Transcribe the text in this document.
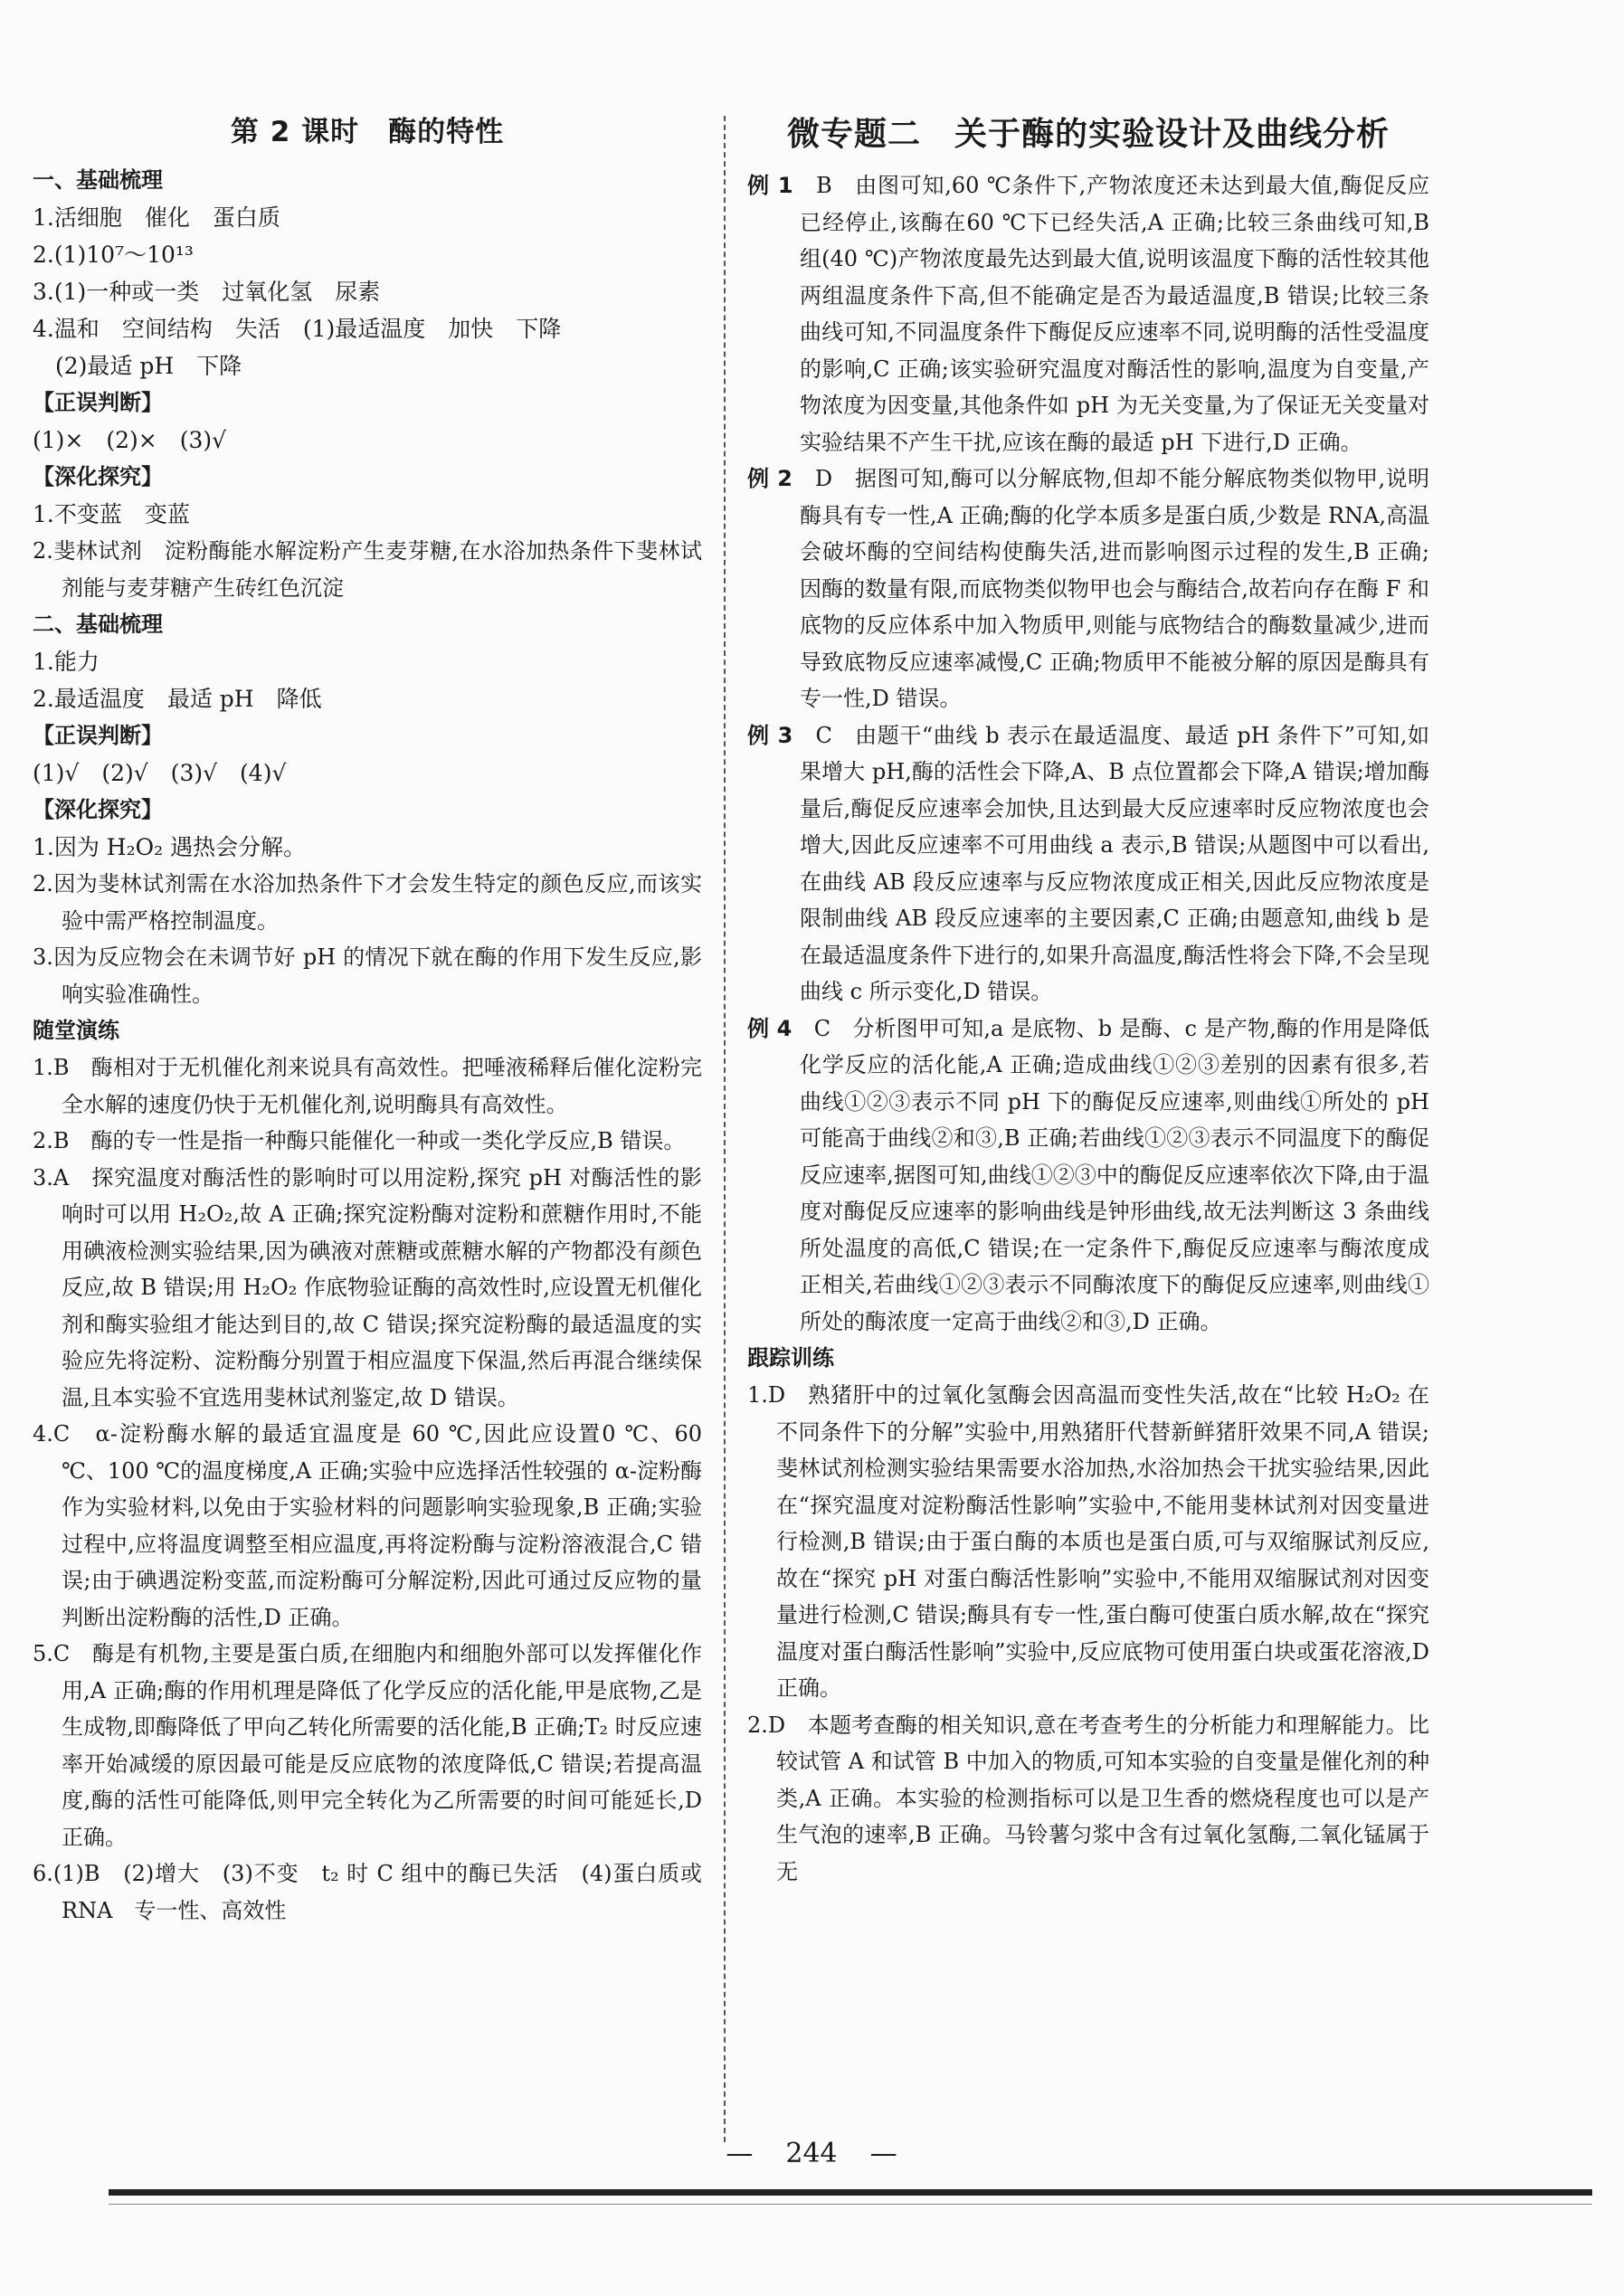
第 2 课时　酶的特性
一、基础梳理
1.活细胞　催化　蛋白质
2.(1)10⁷～10¹³
3.(1)一种或一类　过氧化氢　尿素
4.温和　空间结构　失活　(1)最适温度　加快　下降
　(2)最适 pH　下降
【正误判断】
(1)×　(2)×　(3)√
【深化探究】
1.不变蓝　变蓝
2.斐林试剂　淀粉酶能水解淀粉产生麦芽糖,在水浴加热条件下斐林试剂能与麦芽糖产生砖红色沉淀
二、基础梳理
1.能力
2.最适温度　最适 pH　降低
【正误判断】
(1)√　(2)√　(3)√　(4)√
【深化探究】
1.因为 H₂O₂ 遇热会分解。
2.因为斐林试剂需在水浴加热条件下才会发生特定的颜色反应,而该实验中需严格控制温度。
3.因为反应物会在未调节好 pH 的情况下就在酶的作用下发生反应,影响实验准确性。
随堂演练
1.B　酶相对于无机催化剂来说具有高效性。把唾液稀释后催化淀粉完全水解的速度仍快于无机催化剂,说明酶具有高效性。
2.B　酶的专一性是指一种酶只能催化一种或一类化学反应,B 错误。
3.A　探究温度对酶活性的影响时可以用淀粉,探究 pH 对酶活性的影响时可以用 H₂O₂,故 A 正确;探究淀粉酶对淀粉和蔗糖作用时,不能用碘液检测实验结果,因为碘液对蔗糖或蔗糖水解的产物都没有颜色反应,故 B 错误;用 H₂O₂ 作底物验证酶的高效性时,应设置无机催化剂和酶实验组才能达到目的,故 C 错误;探究淀粉酶的最适温度的实验应先将淀粉、淀粉酶分别置于相应温度下保温,然后再混合继续保温,且本实验不宜选用斐林试剂鉴定,故 D 错误。
4.C　α-淀粉酶水解的最适宜温度是 60 ℃,因此应设置0 ℃、60 ℃、100 ℃的温度梯度,A 正确;实验中应选择活性较强的 α-淀粉酶作为实验材料,以免由于实验材料的问题影响实验现象,B 正确;实验过程中,应将温度调整至相应温度,再将淀粉酶与淀粉溶液混合,C 错误;由于碘遇淀粉变蓝,而淀粉酶可分解淀粉,因此可通过反应物的量判断出淀粉酶的活性,D 正确。
5.C　酶是有机物,主要是蛋白质,在细胞内和细胞外部可以发挥催化作用,A 正确;酶的作用机理是降低了化学反应的活化能,甲是底物,乙是生成物,即酶降低了甲向乙转化所需要的活化能,B 正确;T₂ 时反应速率开始减缓的原因最可能是反应底物的浓度降低,C 错误;若提高温度,酶的活性可能降低,则甲完全转化为乙所需要的时间可能延长,D 正确。
6.(1)B　(2)增大　(3)不变　t₂ 时 C 组中的酶已失活　(4)蛋白质或 RNA　专一性、高效性
微专题二　关于酶的实验设计及曲线分析
例 1　B　由图可知,60 ℃条件下,产物浓度还未达到最大值,酶促反应已经停止,该酶在60 ℃下已经失活,A 正确;比较三条曲线可知,B 组(40 ℃)产物浓度最先达到最大值,说明该温度下酶的活性较其他两组温度条件下高,但不能确定是否为最适温度,B 错误;比较三条曲线可知,不同温度条件下酶促反应速率不同,说明酶的活性受温度的影响,C 正确;该实验研究温度对酶活性的影响,温度为自变量,产物浓度为因变量,其他条件如 pH 为无关变量,为了保证无关变量对实验结果不产生干扰,应该在酶的最适 pH 下进行,D 正确。
例 2　D　据图可知,酶可以分解底物,但却不能分解底物类似物甲,说明酶具有专一性,A 正确;酶的化学本质多是蛋白质,少数是 RNA,高温会破坏酶的空间结构使酶失活,进而影响图示过程的发生,B 正确;因酶的数量有限,而底物类似物甲也会与酶结合,故若向存在酶 F 和底物的反应体系中加入物质甲,则能与底物结合的酶数量减少,进而导致底物反应速率减慢,C 正确;物质甲不能被分解的原因是酶具有专一性,D 错误。
例 3　C　由题干“曲线 b 表示在最适温度、最适 pH 条件下”可知,如果增大 pH,酶的活性会下降,A、B 点位置都会下降,A 错误;增加酶量后,酶促反应速率会加快,且达到最大反应速率时反应物浓度也会增大,因此反应速率不可用曲线 a 表示,B 错误;从题图中可以看出,在曲线 AB 段反应速率与反应物浓度成正相关,因此反应物浓度是限制曲线 AB 段反应速率的主要因素,C 正确;由题意知,曲线 b 是在最适温度条件下进行的,如果升高温度,酶活性将会下降,不会呈现曲线 c 所示变化,D 错误。
例 4　C　分析图甲可知,a 是底物、b 是酶、c 是产物,酶的作用是降低化学反应的活化能,A 正确;造成曲线①②③差别的因素有很多,若曲线①②③表示不同 pH 下的酶促反应速率,则曲线①所处的 pH 可能高于曲线②和③,B 正确;若曲线①②③表示不同温度下的酶促反应速率,据图可知,曲线①②③中的酶促反应速率依次下降,由于温度对酶促反应速率的影响曲线是钟形曲线,故无法判断这 3 条曲线所处温度的高低,C 错误;在一定条件下,酶促反应速率与酶浓度成正相关,若曲线①②③表示不同酶浓度下的酶促反应速率,则曲线①所处的酶浓度一定高于曲线②和③,D 正确。
跟踪训练
1.D　熟猪肝中的过氧化氢酶会因高温而变性失活,故在“比较 H₂O₂ 在不同条件下的分解”实验中,用熟猪肝代替新鲜猪肝效果不同,A 错误;斐林试剂检测实验结果需要水浴加热,水浴加热会干扰实验结果,因此在“探究温度对淀粉酶活性影响”实验中,不能用斐林试剂对因变量进行检测,B 错误;由于蛋白酶的本质也是蛋白质,可与双缩脲试剂反应,故在“探究 pH 对蛋白酶活性影响”实验中,不能用双缩脲试剂对因变量进行检测,C 错误;酶具有专一性,蛋白酶可使蛋白质水解,故在“探究温度对蛋白酶活性影响”实验中,反应底物可使用蛋白块或蛋花溶液,D 正确。
2.D　本题考查酶的相关知识,意在考查考生的分析能力和理解能力。比较试管 A 和试管 B 中加入的物质,可知本实验的自变量是催化剂的种类,A 正确。本实验的检测指标可以是卫生香的燃烧程度也可以是产生气泡的速率,B 正确。马铃薯匀浆中含有过氧化氢酶,二氧化锰属于无
— 244 —
